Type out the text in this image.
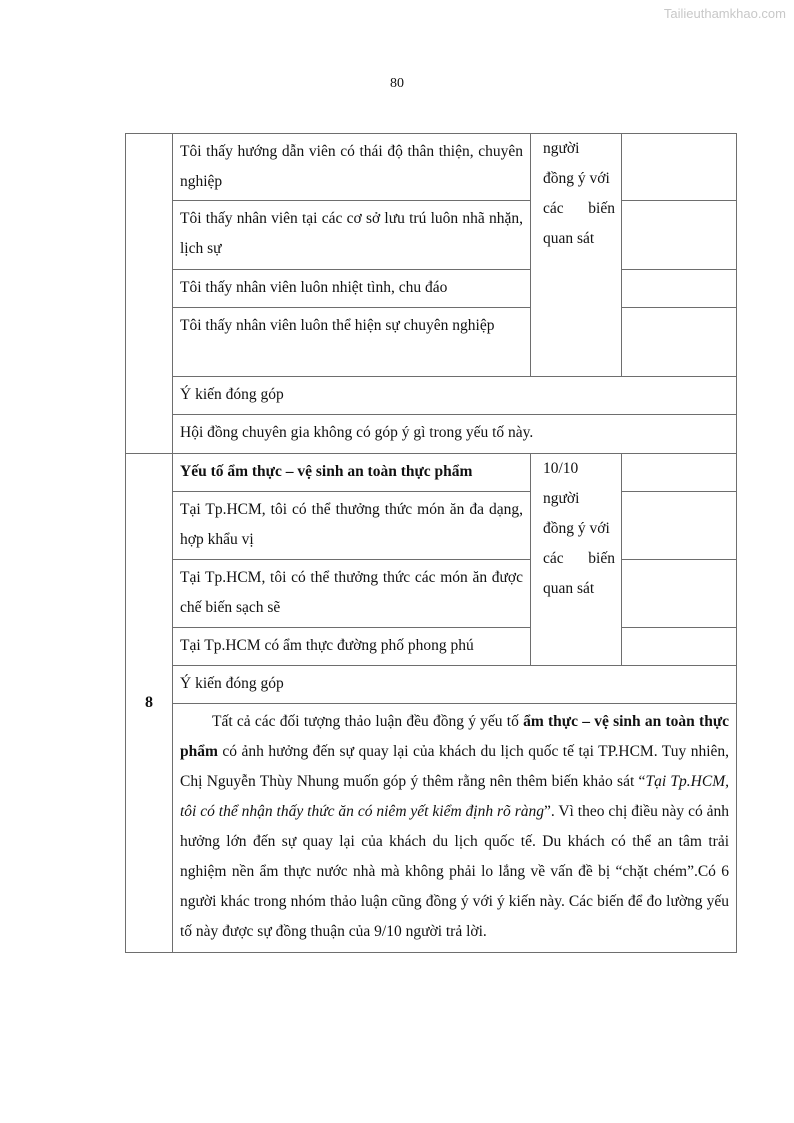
Tailieuthamkhao.com
80
	Tôi thấy hướng dẫn viên có thái độ thân thiện, chuyên nghiệp	người
đồng ý với
các biến
quan sát	

	Tôi thấy nhân viên tại các cơ sở lưu trú luôn nhã nhặn, lịch sự		
	Tôi thấy nhân viên luôn nhiệt tình, chu đáo		
	Tôi thấy nhân viên luôn thể hiện sự chuyên nghiệp		
	Ý kiến đóng góp		
	Hội đồng chuyên gia không có góp ý gì trong yếu tố này.		
8	Yếu tố ẩm thực – vệ sinh an toàn thực phẩm	10/10
người
đồng ý với
các biến
quan sát	

	Tại Tp.HCM, tôi có thể thưởng thức món ăn đa dạng, hợp khẩu vị		
	Tại Tp.HCM, tôi có thể thưởng thức các món ăn được chế biến sạch sẽ		
	Tại Tp.HCM có ẩm thực đường phố phong phú		
	Ý kiến đóng góp		

	Tất cả các đối tượng thảo luận đều đồng ý yếu tố ẩm thực – vệ sinh an toàn thực phẩm có ảnh hưởng đến sự quay lại của khách du lịch quốc tế tại TP.HCM. Tuy nhiên, Chị Nguyễn Thùy Nhung muốn góp ý thêm rằng nên thêm biến khảo sát “Tại Tp.HCM, tôi có thể nhận thấy thức ăn có niêm yết kiểm định rõ ràng”. Vì theo chị điều này có ảnh hưởng lớn đến sự quay lại của khách du lịch quốc tế. Du khách có thể an tâm trải nghiệm nền ẩm thực nước nhà mà không phải lo lắng về vấn đề bị “chặt chém”.Có 6 người khác trong nhóm thảo luận cũng đồng ý với ý kiến này. Các biến để đo lường yếu tố này được sự đồng thuận của 9/10 người trả lời.		
